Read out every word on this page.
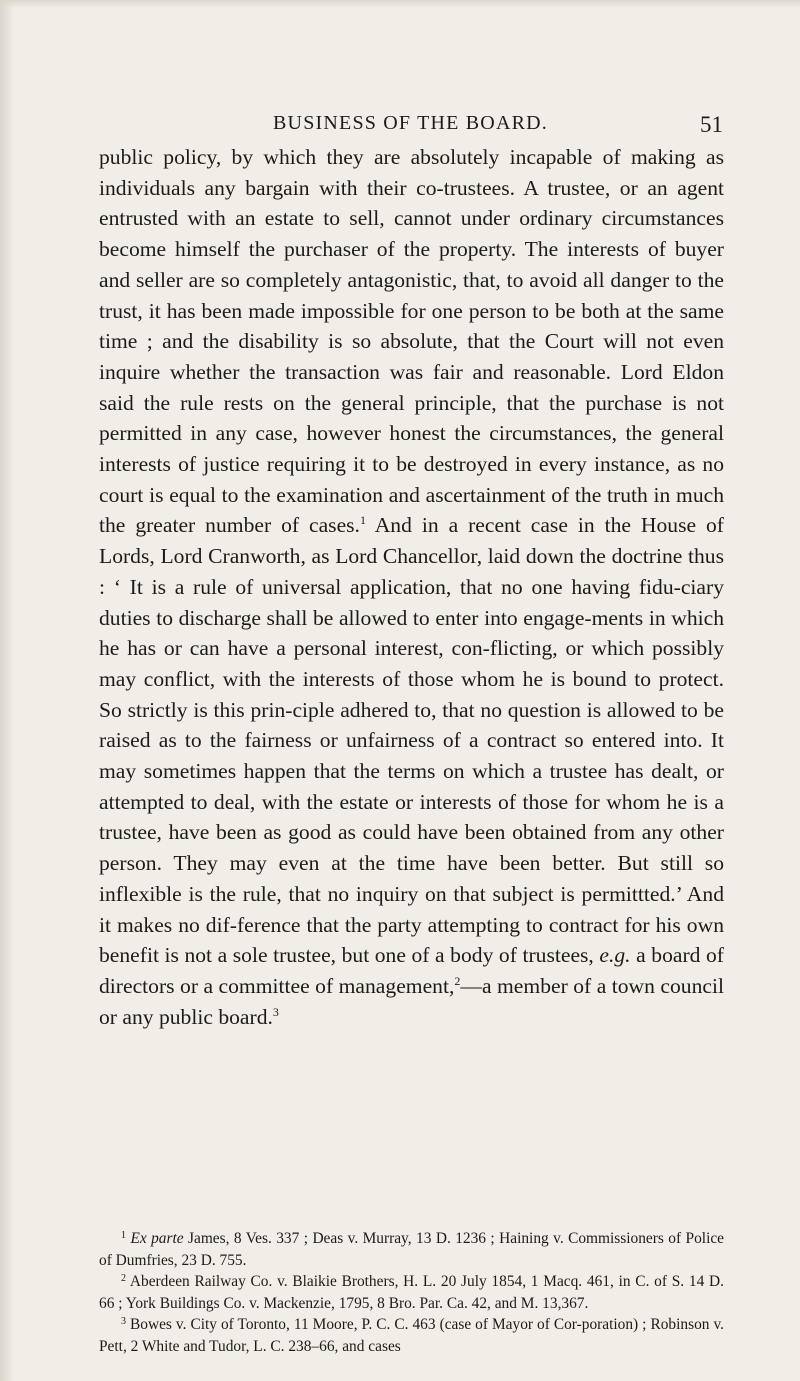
BUSINESS OF THE BOARD.	51

public policy, by which they are absolutely incapable of making as individuals any bargain with their co-trustees. A trustee, or an agent entrusted with an estate to sell, cannot under ordinary circumstances become himself the purchaser of the property. The interests of buyer and seller are so completely antagonistic, that, to avoid all danger to the trust, it has been made impossible for one person to be both at the same time ; and the disability is so absolute, that the Court will not even inquire whether the transaction was fair and reasonable. Lord Eldon said the rule rests on the general principle, that the purchase is not permitted in any case, however honest the circumstances, the general interests of justice requiring it to be destroyed in every instance, as no court is equal to the examination and ascertainment of the truth in much the greater number of cases.$^1$ And in a recent case in the House of Lords, Lord Cranworth, as Lord Chancellor, laid down the doctrine thus : ‘ It is a rule of universal application, that no one having fidu-ciary duties to discharge shall be allowed to enter into engage-ments in which he has or can have a personal interest, con-flicting, or which possibly may conflict, with the interests of those whom he is bound to protect. So strictly is this prin-ciple adhered to, that no question is allowed to be raised as to the fairness or unfairness of a contract so entered into. It may sometimes happen that the terms on which a trustee has dealt, or attempted to deal, with the estate or interests of those for whom he is a trustee, have been as good as could have been obtained from any other person. They may even at the time have been better. But still so inflexible is the rule, that no inquiry on that subject is permittted.’ And it makes no dif-ference that the party attempting to contract for his own benefit is not a sole trustee, but one of a body of trustees, e.g. a board of directors or a committee of management,$^2$—a member of a town council or any public board.$^3$

$^1$ Ex parte James, 8 Ves. 337 ; Deas v. Murray, 13 D. 1236 ; Haining v. Commissioners of Police of Dumfries, 23 D. 755.

$^2$ Aberdeen Railway Co. v. Blaikie Brothers, H. L. 20 July 1854, 1 Macq. 461, in C. of S. 14 D. 66 ; York Buildings Co. v. Mackenzie, 1795, 8 Bro. Par. Ca. 42, and M. 13,367.

$^3$ Bowes v. City of Toronto, 11 Moore, P. C. C. 463 (case of Mayor of Cor-poration) ; Robinson v. Pett, 2 White and Tudor, L. C. 238–66, and cases
